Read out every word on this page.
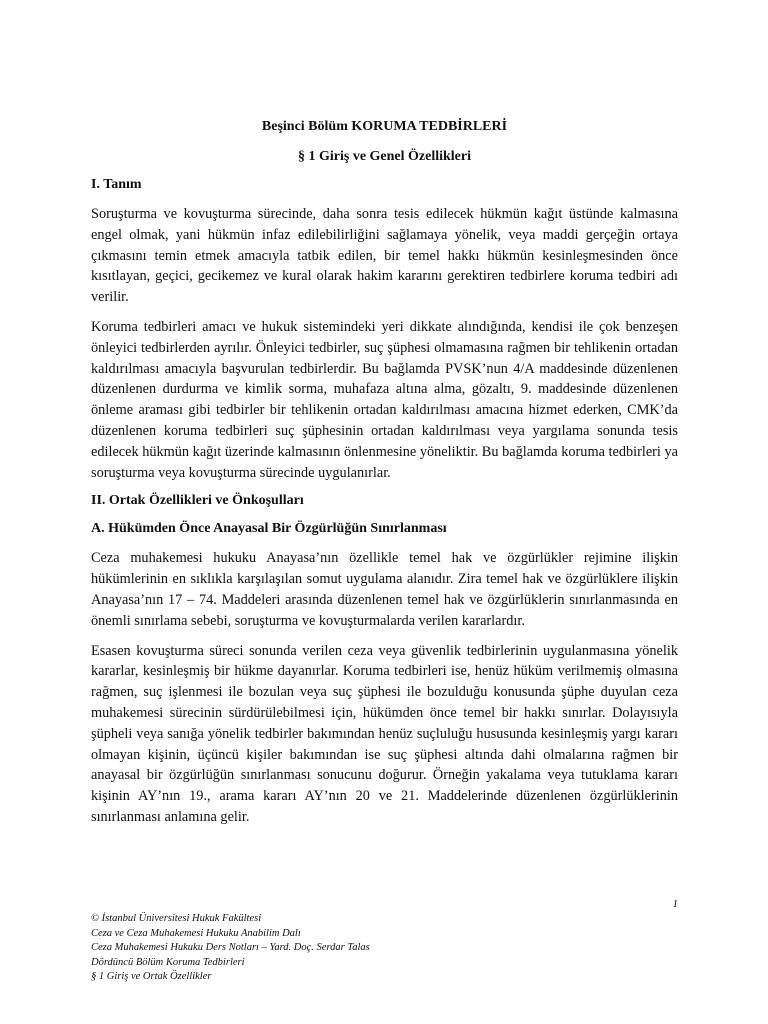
Beşinci Bölüm KORUMA TEDBİRLERİ
§ 1 Giriş ve Genel Özellikleri
I. Tanım
Soruşturma ve kovuşturma sürecinde, daha sonra tesis edilecek hükmün kağıt üstünde kalmasına engel olmak, yani hükmün infaz edilebilirliğini sağlamaya yönelik, veya maddi gerçeğin ortaya çıkmasını temin etmek amacıyla tatbik edilen, bir temel hakkı hükmün kesinleşmesinden önce kısıtlayan, geçici, gecikemez ve kural olarak hakim kararını gerektiren tedbirlere koruma tedbiri adı verilir.
Koruma tedbirleri amacı ve hukuk sistemindeki yeri dikkate alındığında, kendisi ile çok benzeşen önleyici tedbirlerden ayrılır. Önleyici tedbirler, suç şüphesi olmamasına rağmen bir tehlikenin ortadan kaldırılması amacıyla başvurulan tedbirlerdir. Bu bağlamda PVSK’nun 4/A maddesinde düzenlenen düzenlenen durdurma ve kimlik sorma, muhafaza altına alma, gözaltı, 9. maddesinde düzenlenen önleme araması gibi tedbirler bir tehlikenin ortadan kaldırılması amacına hizmet ederken, CMK’da düzenlenen koruma tedbirleri suç şüphesinin ortadan kaldırılması veya yargılama sonunda tesis edilecek hükmün kağıt üzerinde kalmasının önlenmesine yöneliktir. Bu bağlamda koruma tedbirleri ya soruşturma veya kovuşturma sürecinde uygulanırlar.
II. Ortak Özellikleri ve Önkoşulları
A. Hükümden Önce Anayasal Bir Özgürlüğün Sınırlanması
Ceza muhakemesi hukuku Anayasa’nın özellikle temel hak ve özgürlükler rejimine ilişkin hükümlerinin en sıklıkla karşılaşılan somut uygulama alanıdır. Zira temel hak ve özgürlüklere ilişkin Anayasa’nın 17 – 74. Maddeleri arasında düzenlenen temel hak ve özgürlüklerin sınırlanmasında en önemli sınırlama sebebi, soruşturma ve kovuşturmalarda verilen kararlardır.
Esasen kovuşturma süreci sonunda verilen ceza veya güvenlik tedbirlerinin uygulanmasına yönelik kararlar, kesinleşmiş bir hükme dayanırlar. Koruma tedbirleri ise, henüz hüküm verilmemiş olmasına rağmen, suç işlenmesi ile bozulan veya suç şüphesi ile bozulduğu konusunda şüphe duyulan ceza muhakemesi sürecinin sürdürülebilmesi için, hükümden önce temel bir hakkı sınırlar. Dolayısıyla şüpheli veya sanığa yönelik tedbirler bakımından henüz suçluluğu hususunda kesinleşmiş yargı kararı olmayan kişinin, üçüncü kişiler bakımından ise suç şüphesi altında dahi olmalarına rağmen bir anayasal bir özgürlüğün sınırlanması sonucunu doğurur. Örneğin yakalama veya tutuklama kararı kişinin AY’nın 19., arama kararı AY’nın 20 ve 21. Maddelerinde düzenlenen özgürlüklerinin sınırlanması anlamına gelir.
1
© İstanbul Üniversitesi Hukuk Fakültesi
Ceza ve Ceza Muhakemesi Hukuku Anabilim Dalı
Ceza Muhakemesi Hukuku Ders Notları – Yard. Doç. Serdar Talas
Dördüncü Bölüm Koruma Tedbirleri
§ 1 Giriş ve Ortak Özellikler
